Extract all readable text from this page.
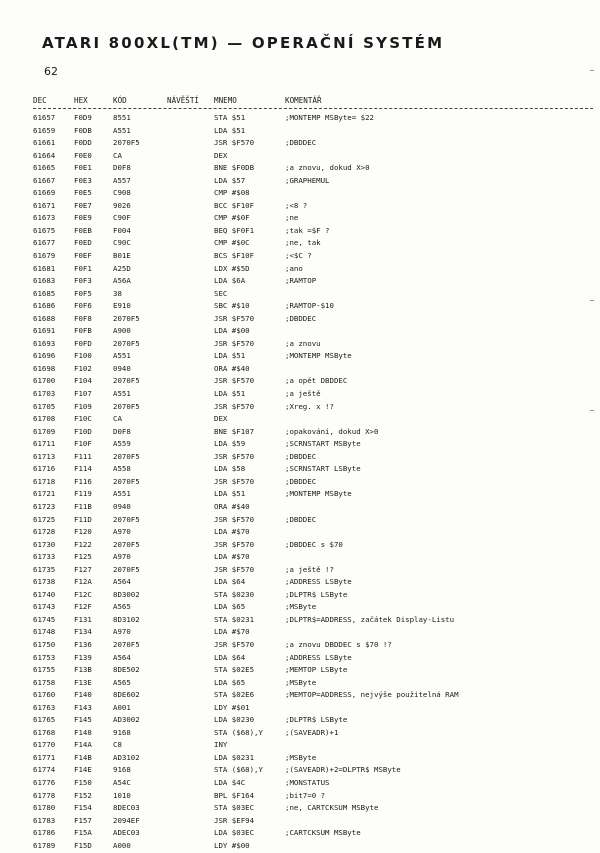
ATARI 800XL(TM) — OPERAČNÍ SYSTÉM
62
DEC	HEX	KÓD	NÁVĚŠTÍ MNEMO	KOMENTÁŘ
61657	F0D9	8551	STA $51	;MONTEMP MSByte= $22
61659	F0DB	A551	LDA $51
61661	F0DD	2070F5	JSR $F570	;DBDDEC
61664	F0E0	CA	DEX
61665	F0E1	D0F8	BNE $F0DB	;a znovu, dokud X>0
61667	F0E3	A557	LDA $57	;GRAPHEMUL
61669	F0E5	C908	CMP #$08
61671	F0E7	9026	BCC $F10F	;<8 ?
61673	F0E9	C90F	CMP #$0F	;ne
61675	F0EB	F004	BEQ $F0F1	;tak =$F ?
61677	F0ED	C90C	CMP #$0C	;ne, tak
61679	F0EF	B01E	BCS $F10F	;<$C ?
61681	F0F1	A25D	LDX #$5D	;ano
61683	F0F3	A56A	LDA $6A	;RAMTOP
61685	F0F5	38	SEC
61686	F0F6	E910	SBC #$10	;RAMTOP-$10
61688	F0F8	2070F5	JSR $F570	;DBDDEC
61691	F0FB	A900	LDA #$00
61693	F0FD	2070F5	JSR $F570	;a znovu
61696	F100	A551	LDA $51	;MONTEMP MSByte
61698	F102	0940	ORA #$40
61700	F104	2070F5	JSR $F570	;a opět DBDDEC
61703	F107	A551	LDA $51	;a ještě
61705	F109	2070F5	JSR $F570	;Xreg. x !?
61708	F10C	CA	DEX
61709	F10D	D0F8	BNE $F107	;opakování, dokud X>0
61711	F10F	A559	LDA $59	;SCRNSTART MSByte
61713	F111	2070F5	JSR $F570	;DBDDEC
61716	F114	A558	LDA $58	;SCRNSTART LSByte
61718	F116	2070F5	JSR $F570	;DBDDEC
61721	F119	A551	LDA $51	;MONTEMP MSByte
61723	F11B	0940	ORA #$40
61725	F11D	2070F5	JSR $F570	;DBDDEC
61728	F120	A970	LDA #$70
61730	F122	2070F5	JSR $F570	;DBDDEC s $70
61733	F125	A970	LDA #$70
61735	F127	2070F5	JSR $F570	;a ještě !?
61738	F12A	A564	LDA $64	;ADDRESS LSByte
61740	F12C	8D3002	STA $0230	;DLPTR$ LSByte
61743	F12F	A565	LDA $65	;MSByte
61745	F131	8D3102	STA $0231	;DLPTR$=ADDRESS, začátek Display-Listu
61748	F134	A970	LDA #$70
61750	F136	2070F5	JSR $F570	;a znovu DBDDEC s $70 !?
61753	F139	A564	LDA $64	;ADDRESS LSByte
61755	F13B	8DE502	STA $02E5	;MEMTOP LSByte
61758	F13E	A565	LDA $65	;MSByte
61760	F140	8DE602	STA $02E6	;MEMTOP=ADDRESS, nejvýše použitelná RAM
61763	F143	A001	LDY #$01
61765	F145	AD3002	LDA $0230	;DLPTR$ LSByte
61768	F148	9168	STA ($68),Y	;(SAVEADR)+1
61770	F14A	C8	INY
61771	F14B	AD3102	LDA $0231	;MSByte
61774	F14E	9168	STA ($68),Y	;(SAVEADR)+2=DLPTR$ MSByte
61776	F150	A54C	LDA $4C	;MONSTATUS
61778	F152	1010	BPL $F164	;bit7=0 ?
61780	F154	8DEC03	STA $03EC	;ne, CARTCKSUM MSByte
61783	F157	2094EF	JSR $EF94
61786	F15A	ADEC03	LDA $03EC	;CARTCKSUM MSByte
61789	F15D	A000	LDY #$00
